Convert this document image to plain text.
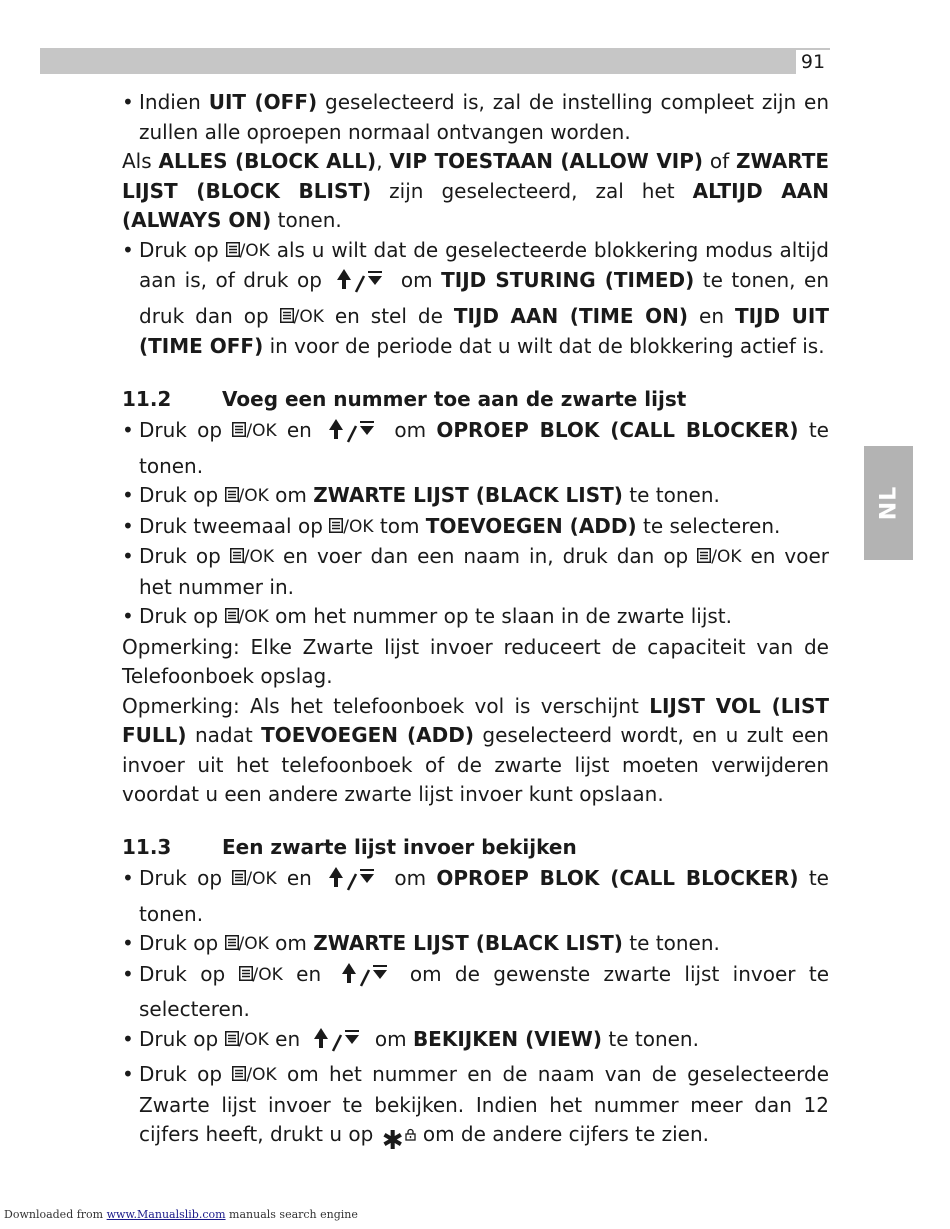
91
NL

• Indien UIT (OFF) geselecteerd is, zal de instelling compleet zijn en zullen alle oproepen normaal ontvangen worden.

Als ALLES (BLOCK ALL), VIP TOESTAAN (ALLOW VIP) of ZWARTE LIJST (BLOCK BLIST) zijn geselecteerd, zal het ALTIJD AAN (ALWAYS ON) tonen.

• Druk op /OK als u wilt dat de geselecteerde blokkering modus altijd aan is, of druk op	om TIJD STURING (TIMED) te tonen, en druk dan op /OK en stel de TIJD AAN (TIME ON) en TIJD UIT (TIME OFF) in voor de periode dat u wilt dat de blokkering actief is.

11.2	Voeg een nummer toe aan de zwarte lijst

• Druk op /OK en	om OPROEP BLOK (CALL BLOCKER) te tonen.

• Druk op /OK om ZWARTE LIJST (BLACK LIST) te tonen.

• Druk tweemaal op /OK tom TOEVOEGEN (ADD) te selecteren.

• Druk op /OK en voer dan een naam in, druk dan op /OK en voer het nummer in.

• Druk op /OK om het nummer op te slaan in de zwarte lijst.

Opmerking: Elke Zwarte lijst invoer reduceert de capaciteit van de Telefoonboek opslag.

Opmerking: Als het telefoonboek vol is verschijnt LIJST VOL (LIST FULL) nadat TOEVOEGEN (ADD) geselecteerd wordt, en u zult een invoer uit het telefoonboek of de zwarte lijst moeten verwijderen voordat u een andere zwarte lijst invoer kunt opslaan.

11.3	Een zwarte lijst invoer bekijken

• Druk op /OK en	om OPROEP BLOK (CALL BLOCKER) te tonen.

• Druk op /OK om ZWARTE LIJST (BLACK LIST) te tonen.

• Druk op /OK en	om de gewenste zwarte lijst invoer te selecteren.

• Druk op /OK en	om BEKIJKEN (VIEW) te tonen.

• Druk op /OK om het nummer en de naam van de geselecteerde Zwarte lijst invoer te bekijken. Indien het nummer meer dan 12 cijfers heeft, drukt u op ✱ om de andere cijfers te zien.

Downloaded from www.Manualslib.com manuals search engine
